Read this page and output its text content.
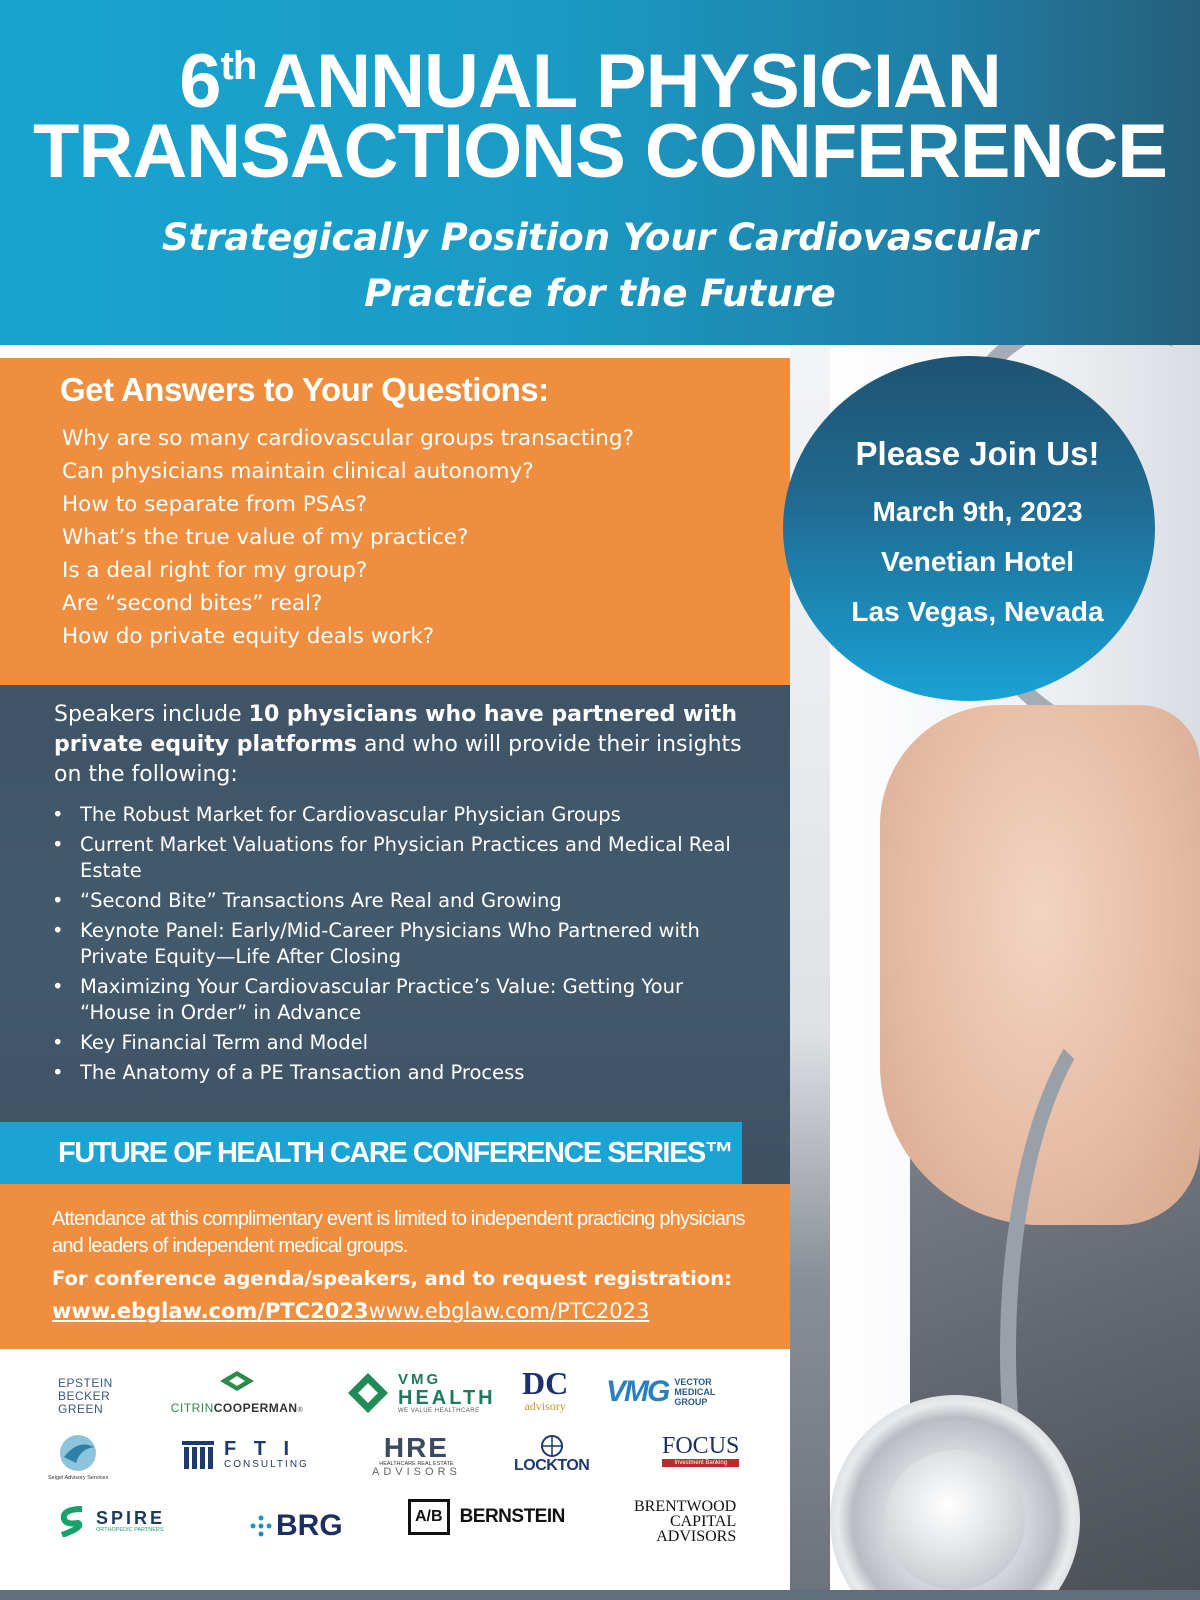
6thANNUAL PHYSICIAN
TRANSACTIONS CONFERENCE
Strategically Position Your Cardiovascular
Practice for the Future
Get Answers to Your Questions:
Why are so many cardiovascular groups transacting?
Can physicians maintain clinical autonomy?
How to separate from PSAs?
What’s the true value of my practice?
Is a deal right for my group?
Are “second bites” real?
How do private equity deals work?
Please Join Us!
March 9th, 2023
Venetian Hotel
Las Vegas, Nevada
Speakers include 10 physicians who have partnered with private equity platforms and who will provide their insights on the following:
• The Robust Market for Cardiovascular Physician Groups
• Current Market Valuations for Physician Practices and Medical Real Estate
• “Second Bite” Transactions Are Real and Growing
• Keynote Panel: Early/Mid-Career Physicians Who Partnered with Private Equity—Life After Closing
• Maximizing Your Cardiovascular Practice’s Value: Getting Your “House in Order” in Advance
• Key Financial Term and Model
• The Anatomy of a PE Transaction and Process
FUTURE OF HEALTH CARE CONFERENCE SERIES™
Attendance at this complimentary event is limited to independent practicing physicians and leaders of independent medical groups.
For conference agenda/speakers, and to request registration:
www.ebglaw.com/PTC2023www.ebglaw.com/PTC2023
EPSTEIN
BECKER
GREEN	CITRINCOOPERMAN®
VMG
HEALTH
WE VALUE HEALTHCARE
DC
advisory VMG VECTOR
MEDICAL
GROUP
Seigel Advisory Services
F T I
CONSULTING
HRE
HEALTHCARE REAL ESTATE
ADVISORS	LOCKTON
FOCUS
Investment Banking
SPIRE
ORTHOPEDIC PARTNERS	BRG	A/B BERNSTEIN	BRENTWOOD
CAPITAL
ADVISORS
